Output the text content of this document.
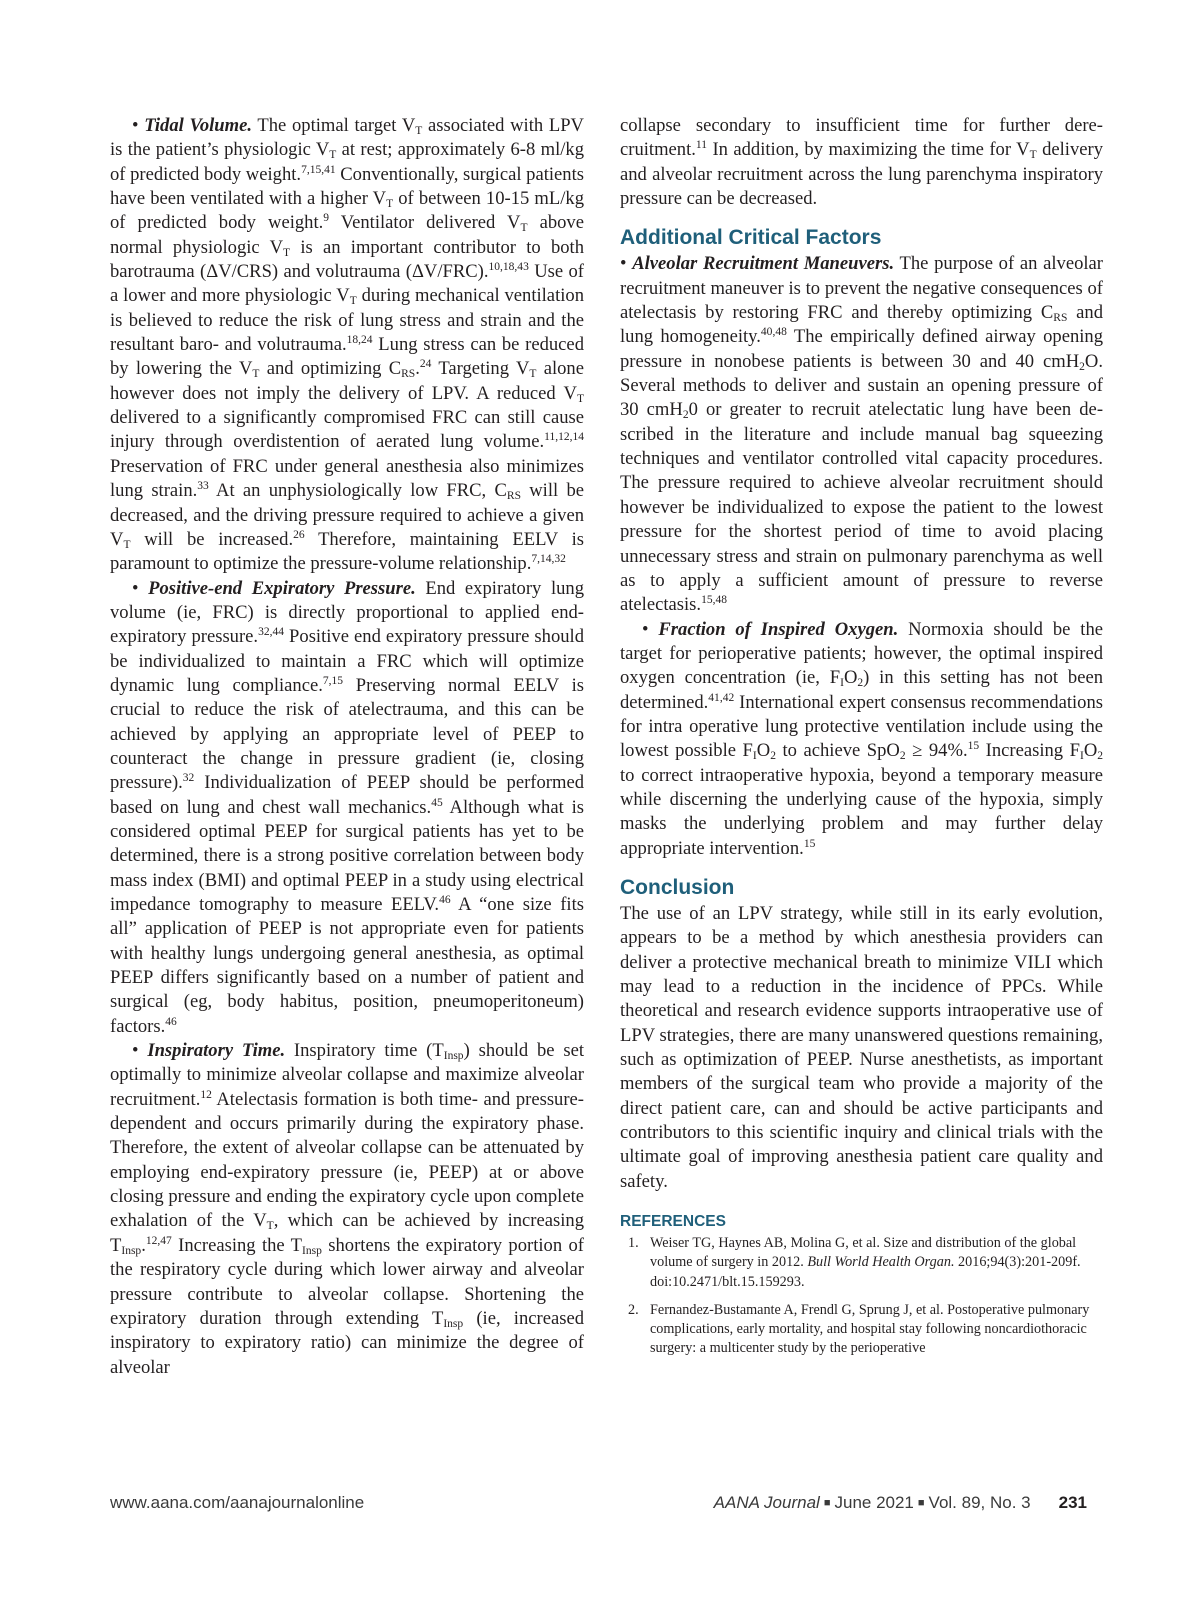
• Tidal Volume. The optimal target $V_T$ associated with LPV is the patient’s physiologic $V_T$ at rest; approximately 6-8 ml/kg of predicted body weight.$^{7,15,41}$ Conventionally, surgical patients have been ventilated with a higher $V_T$ of between 10-15 mL/kg of predicted body weight.$^9$ Ventilator delivered $V_T$ above normal physiologic $V_T$ is an important contributor to both barotrauma (ΔV/CRS) and volutrauma (ΔV/FRC).$^{10,18,43}$ Use of a lower and more physiologic $V_T$ during mechanical ventilation is believed to reduce the risk of lung stress and strain and the resultant baro- and volutrauma.$^{18,24}$ Lung stress can be reduced by lowering the $V_T$ and optimizing $C_{RS}.^{24}$ Targeting $V_T$ alone however does not imply the delivery of LPV. A reduced $V_T$ delivered to a significantly compromised FRC can still cause injury through overdistention of aerated lung volume.$^{11,12,14}$ Preservation of FRC under general anesthesia also minimizes lung strain.$^{33}$ At an unphysiologically low FRC, $C_{RS}$ will be decreased, and the driving pressure required to achieve a given $V_T$ will be increased.$^{26}$ Therefore, maintaining EELV is paramount to optimize the pressure-volume relationship.$^{7,14,32}$

• Positive-end Expiratory Pressure. End expiratory lung volume (ie, FRC) is directly proportional to applied end-expiratory pressure.$^{32,44}$ Positive end expiratory pressure should be individualized to maintain a FRC which will optimize dynamic lung compliance.$^{7,15}$ Preserving normal EELV is crucial to reduce the risk of atelectrauma, and this can be achieved by applying an appropriate level of PEEP to counteract the change in pressure gradient (ie, closing pressure).$^{32}$ Individualization of PEEP should be performed based on lung and chest wall mechanics.$^{45}$ Although what is considered optimal PEEP for surgical patients has yet to be determined, there is a strong positive correlation between body mass index (BMI) and optimal PEEP in a study using electrical impedance tomography to measure EELV.$^{46}$ A “one size fits all” application of PEEP is not appropriate even for patients with healthy lungs undergoing general anesthesia, as optimal PEEP differs significantly based on a number of patient and surgical (eg, body habitus, position, pneumoperitoneum) factors.$^{46}$

• Inspiratory Time. Inspiratory time $(T_{Insp})$ should be set optimally to minimize alveolar collapse and maximize alveolar recruitment.$^{12}$ Atelectasis formation is both time- and pressure-dependent and occurs primarily during the expiratory phase. Therefore, the extent of alveolar collapse can be attenuated by employing end-expiratory pressure (ie, PEEP) at or above closing pressure and ending the expiratory cycle upon complete exhalation of the $V_T$, which can be achieved by increasing $T_{Insp}.^{12,47}$ Increasing the $T_{Insp}$ shortens the expiratory portion of the respiratory cycle during which lower airway and alveolar pressure contribute to alveolar collapse. Shortening the expiratory duration through extending $T_{Insp}$ (ie, increased inspiratory to expiratory ratio) can minimize the degree of alveolar

collapse secondary to insufficient time for further derecruitment.$^{11}$ In addition, by maximizing the time for $V_T$ delivery and alveolar recruitment across the lung parenchyma inspiratory pressure can be decreased.

Additional Critical Factors

• Alveolar Recruitment Maneuvers. The purpose of an alveolar recruitment maneuver is to prevent the negative consequences of atelectasis by restoring FRC and thereby optimizing $C_{RS}$ and lung homogeneity.$^{40,48}$ The empirically defined airway opening pressure in nonobese patients is between 30 and 40 cmH$_2$O. Several methods to deliver and sustain an opening pressure of 30 cmH$_2$0 or greater to recruit atelectatic lung have been described in the literature and include manual bag squeezing techniques and ventilator controlled vital capacity procedures. The pressure required to achieve alveolar recruitment should however be individualized to expose the patient to the lowest pressure for the shortest period of time to avoid placing unnecessary stress and strain on pulmonary parenchyma as well as to apply a sufficient amount of pressure to reverse atelectasis.$^{15,48}$

• Fraction of Inspired Oxygen. Normoxia should be the target for perioperative patients; however, the optimal inspired oxygen concentration (ie, $F_IO_2$) in this setting has not been determined.$^{41,42}$ International expert consensus recommendations for intra operative lung protective ventilation include using the lowest possible $F_IO_2$ to achieve SpO$_2$ ≥ 94%.$^{15}$ Increasing $F_IO_2$ to correct intraoperative hypoxia, beyond a temporary measure while discerning the underlying cause of the hypoxia, simply masks the underlying problem and may further delay appropriate intervention.$^{15}$

Conclusion

The use of an LPV strategy, while still in its early evolution, appears to be a method by which anesthesia providers can deliver a protective mechanical breath to minimize VILI which may lead to a reduction in the incidence of PPCs. While theoretical and research evidence supports intraoperative use of LPV strategies, there are many unanswered questions remaining, such as optimization of PEEP. Nurse anesthetists, as important members of the surgical team who provide a majority of the direct patient care, can and should be active participants and contributors to this scientific inquiry and clinical trials with the ultimate goal of improving anesthesia patient care quality and safety.

REFERENCES
1. Weiser TG, Haynes AB, Molina G, et al. Size and distribution of the global volume of surgery in 2012. Bull World Health Organ. 2016;94(3):201-209f. doi:10.2471/blt.15.159293.
2. Fernandez-Bustamante A, Frendl G, Sprung J, et al. Postoperative pulmonary complications, early mortality, and hospital stay following noncardiothoracic surgery: a multicenter study by the perioperative
www.aana.com/aanajournalonline	AANA Journal ■ June 2021 ■ Vol. 89, No. 3 231
